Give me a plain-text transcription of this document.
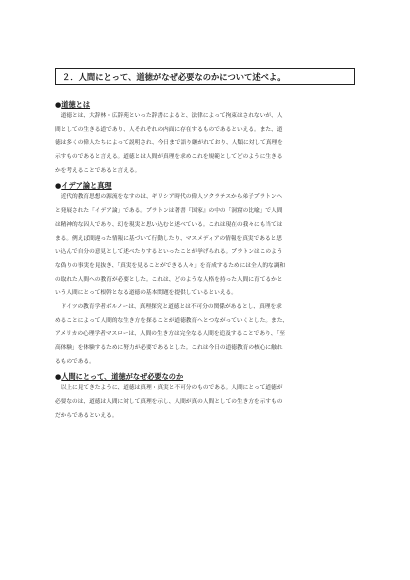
２．人間にとって、道徳がなぜ必要なのかについて述べよ。
●道徳とは
道徳とは、大辞林・広辞苑といった辞書によると、法律によって拘束はされないが、人
間としての生きる道であり、人それぞれの内面に存在するものであるといえる。また、道
徳は多くの偉人たちによって説明され、今日まで語り継がれており、人類に対して真理を
示すものであると言える。道徳とは人間が真理を求めこれを規範としてどのように生きる
かを考えることであると言える。
●イデア論と真理
近代的教育思想の源流をなすのは、ギリシア時代の偉人ソクラテスから弟子プラトンへ
と発展された「イデア論」である。プラトンは著書『国家』の中の「洞窟の比喩」で人間
は精神的な囚人であり、幻を現実と思い込むと述べている。これは現在の我々にも当ては
まる。例えば間違った情報に基づいて行動したり、マスメディアの情報を真実であると思
い込んで自分の意見として述べたりするといったことが挙げられる。プラトンはこのよう
な偽りの事実を見抜き、「真実を見ることができる人々」を育成するためには全人的な調和
の取れた人間への教育が必要とした。これは、どのような人格を持った人間に育てるかと
いう人間にとって根幹となる道徳の基本問題を提供しているといえる。
ドイツの教育学者ボルノーは、真理探究と道徳とは不可分の関係があるとし、真理を求
めることによって人間的な生き方を探ることが道徳教育へとつながっていくとした。また、
アメリカの心理学者マスローは、人間の生き方は完全なる人間を追及することであり、「至
高体験」を体験するために努力が必要であるとした。これは今日の道徳教育の核心に触れ
るものである。
●人間にとって、道徳がなぜ必要なのか
以上に見てきたように、道徳は真理・真実と不可分のものである。人間にとって道徳が
必要なのは、道徳は人間に対して真理を示し、人間が真の人間としての生き方を示すもの
だからであるといえる。
